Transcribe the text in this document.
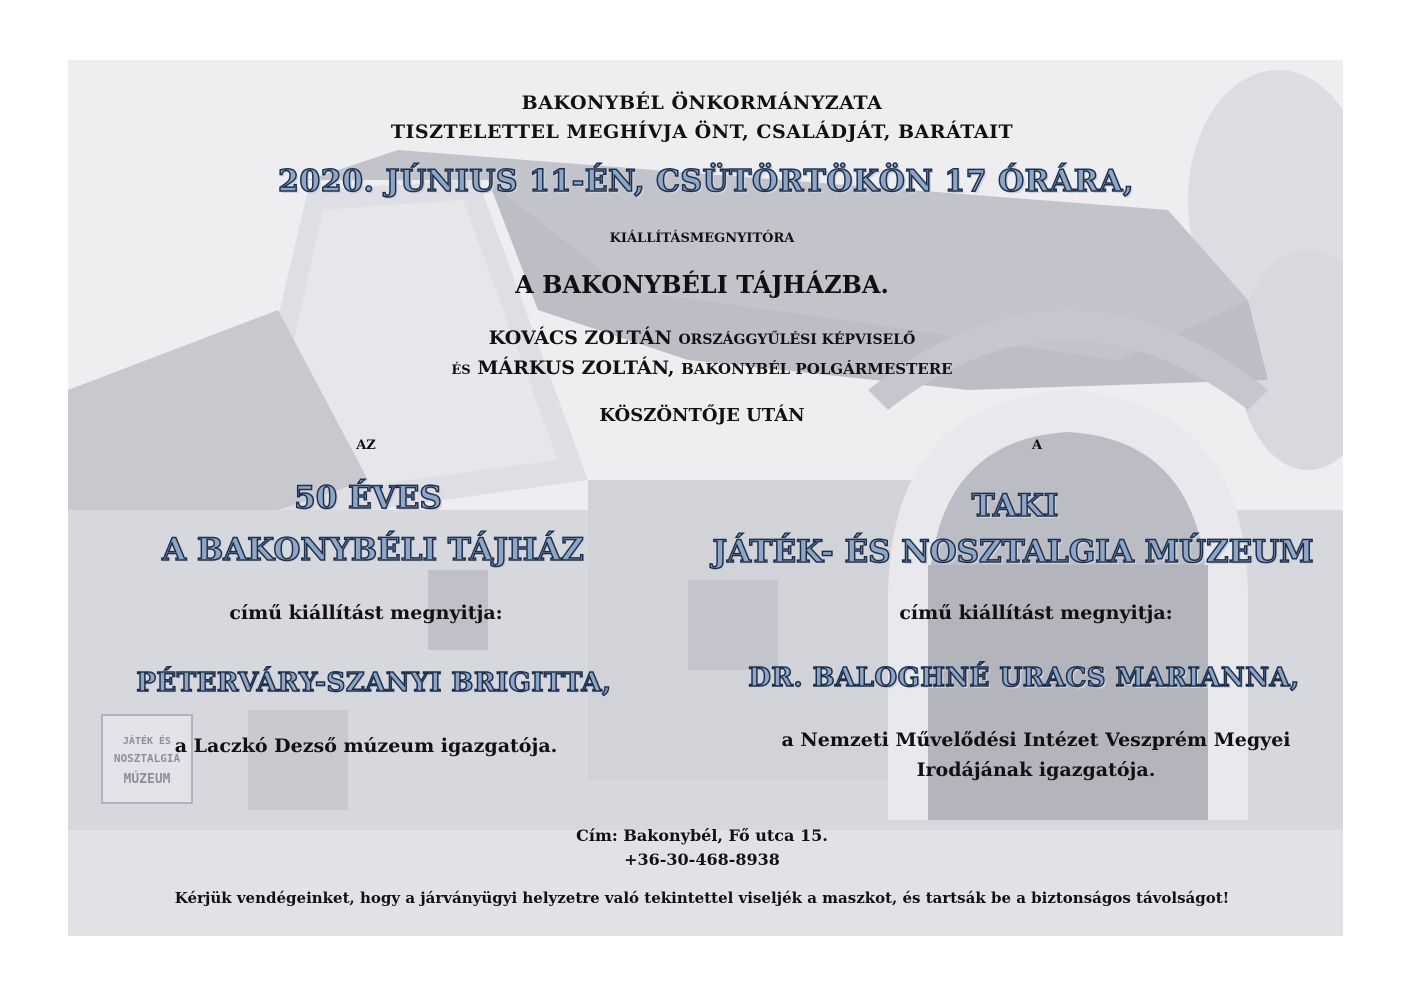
JÁTÉK ÉS
NOSZTALGIA
MÚZEUM
BAKONYBÉL ÖNKORMÁNYZATA
TISZTELETTEL MEGHÍVJA ÖNT, CSALÁDJÁT, BARÁTAIT
2020. JÚNIUS 11-ÉN, CSÜTÖRTÖKÖN 17 ÓRÁRA,
KIÁLLÍTÁSMEGNYITÓRA
A BAKONYBÉLI TÁJHÁZBA.
KOVÁCS ZOLTÁN ORSZÁGGYŰLÉSI KÉPVISELŐ
ÉS MÁRKUS ZOLTÁN, BAKONYBÉL POLGÁRMESTERE
KÖSZÖNTŐJE UTÁN
AZ
50 ÉVES
A BAKONYBÉLI TÁJHÁZ
című kiállítást megnyitja:
PÉTERVÁRY-SZANYI BRIGITTA,
a Laczkó Dezső múzeum igazgatója.
A
TAKI
JÁTÉK- ÉS NOSZTALGIA MÚZEUM
című kiállítást megnyitja:
DR. BALOGHNÉ URACS MARIANNA,
a Nemzeti Művelődési Intézet Veszprém Megyei
Irodájának igazgatója.
Cím: Bakonybél, Fő utca 15.
+36-30-468-8938
Kérjük vendégeinket, hogy a járványügyi helyzetre való tekintettel viseljék a maszkot, és tartsák be a biztonságos távolságot!
